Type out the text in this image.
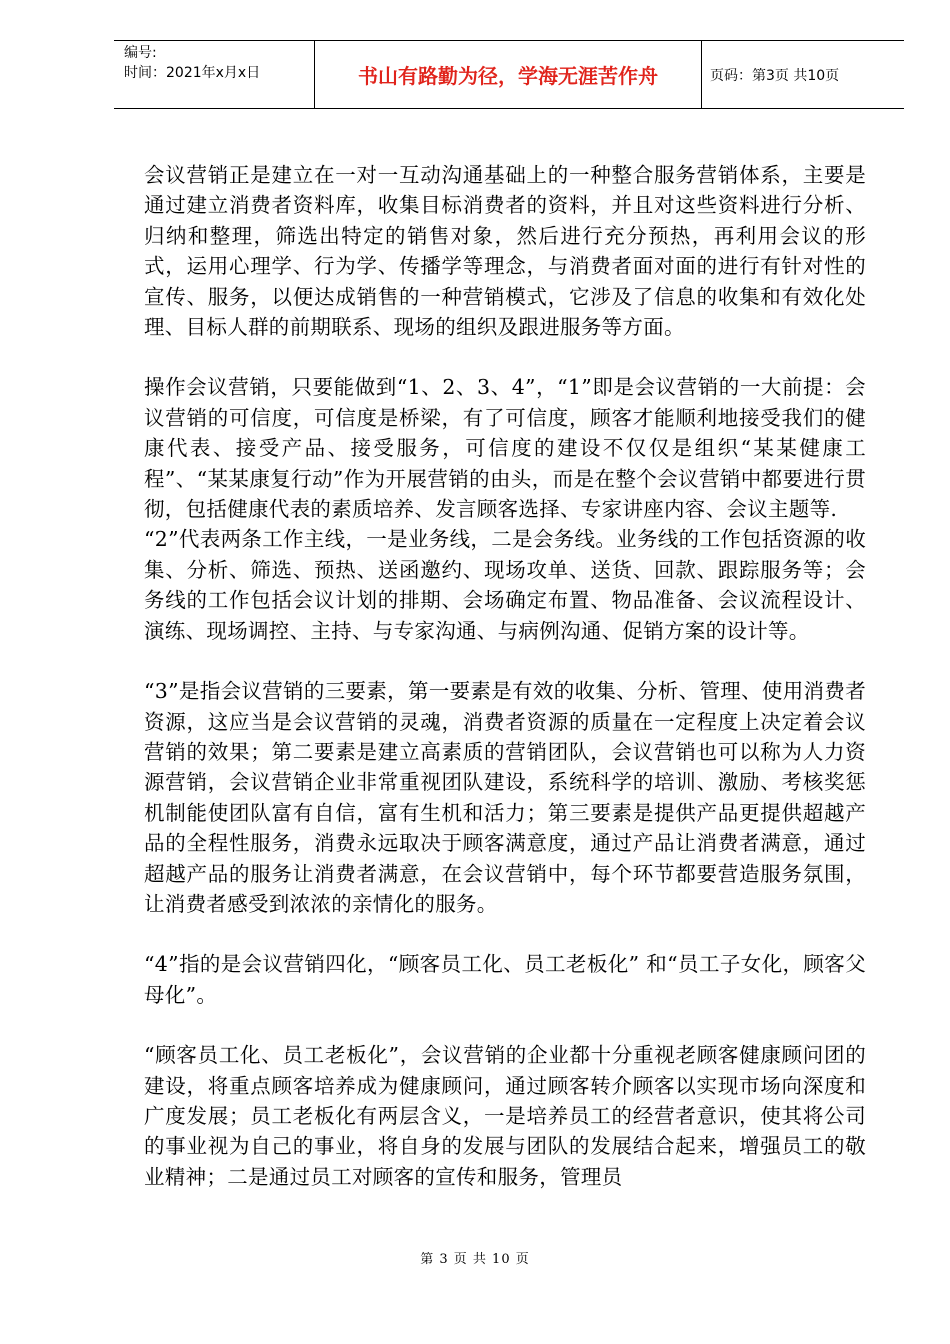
编号:
时间：2021年x月x日	书山有路勤为径，学海无涯苦作舟	页码：第3页 共10页

会议营销正是建立在一对一互动沟通基础上的一种整合服务营销体系，主要是通过建立消费者资料库，收集目标消费者的资料，并且对这些资料进行分析、归纳和整理，筛选出特定的销售对象，然后进行充分预热，再利用会议的形式，运用心理学、行为学、传播学等理念，与消费者面对面的进行有针对性的宣传、服务，以便达成销售的一种营销模式，它涉及了信息的收集和有效化处理、目标人群的前期联系、现场的组织及跟进服务等方面。

操作会议营销，只要能做到“1、2、3、4”，“1”即是会议营销的一大前提：会议营销的可信度，可信度是桥梁，有了可信度，顾客才能顺利地接受我们的健康代表、接受产品、接受服务，可信度的建设不仅仅是组织“某某健康工程”、“某某康复行动”作为开展营销的由头，而是在整个会议营销中都要进行贯彻，包括健康代表的素质培养、发言顾客选择、专家讲座内容、会议主题等.

“2”代表两条工作主线，一是业务线，二是会务线。业务线的工作包括资源的收集、分析、筛选、预热、送函邀约、现场攻单、送货、回款、跟踪服务等；会务线的工作包括会议计划的排期、会场确定布置、物品准备、会议流程设计、演练、现场调控、主持、与专家沟通、与病例沟通、促销方案的设计等。

“3”是指会议营销的三要素，第一要素是有效的收集、分析、管理、使用消费者资源，这应当是会议营销的灵魂，消费者资源的质量在一定程度上决定着会议营销的效果；第二要素是建立高素质的营销团队，会议营销也可以称为人力资源营销，会议营销企业非常重视团队建设，系统科学的培训、激励、考核奖惩机制能使团队富有自信，富有生机和活力；第三要素是提供产品更提供超越产品的全程性服务，消费永远取决于顾客满意度，通过产品让消费者满意，通过超越产品的服务让消费者满意，在会议营销中，每个环节都要营造服务氛围，让消费者感受到浓浓的亲情化的服务。

“4”指的是会议营销四化，“顾客员工化、员工老板化” 和“员工子女化，顾客父母化”。

“顾客员工化、员工老板化”，会议营销的企业都十分重视老顾客健康顾问团的建设，将重点顾客培养成为健康顾问，通过顾客转介顾客以实现市场向深度和广度发展；员工老板化有两层含义，一是培养员工的经营者意识，使其将公司的事业视为自己的事业，将自身的发展与团队的发展结合起来，增强员工的敬业精神；二是通过员工对顾客的宣传和服务，管理员

第 3 页 共 10 页
